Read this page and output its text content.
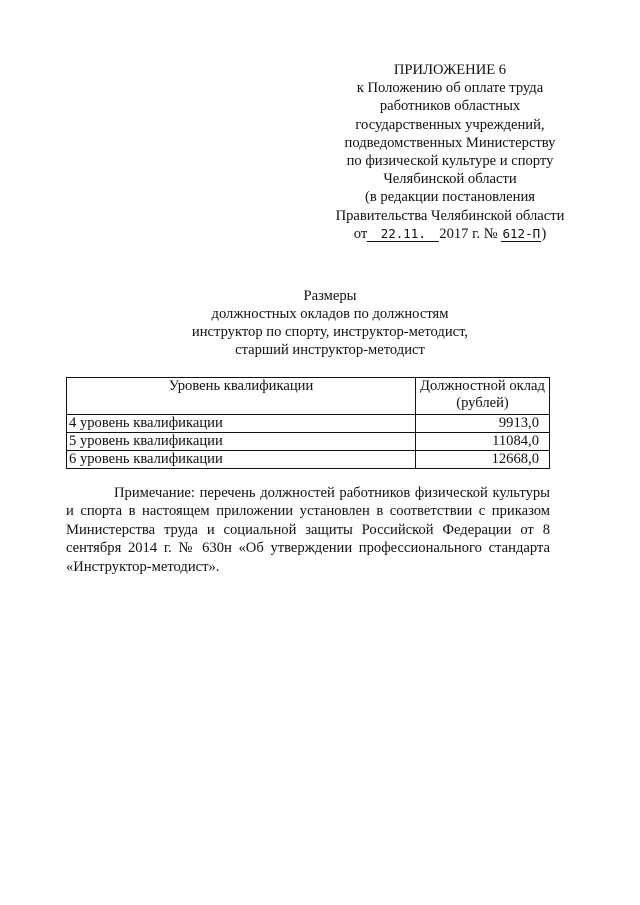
ПРИЛОЖЕНИЕ 6
к Положению об оплате труда
работников областных
государственных учреждений,
подведомственных Министерству
по физической культуре и спорту
Челябинской области
(в редакции постановления
Правительства Челябинской области
от 22.11. 2017 г. № 612-П)
Размеры
должностных окладов по должностям
инструктор по спорту, инструктор-методист,
старший инструктор-методист
Уровень квалификации	Должностной оклад
(рублей)
4 уровень квалификации	9913,0
5 уровень квалификации	11084,0
6 уровень квалификации	12668,0
Примечание: перечень должностей работников физической культуры и спорта в настоящем приложении установлен в соответствии с приказом Министерства труда и социальной защиты Российской Федерации от 8 сентября 2014 г. № 630н «Об утверждении профессионального стандарта «Инструктор-методист».
